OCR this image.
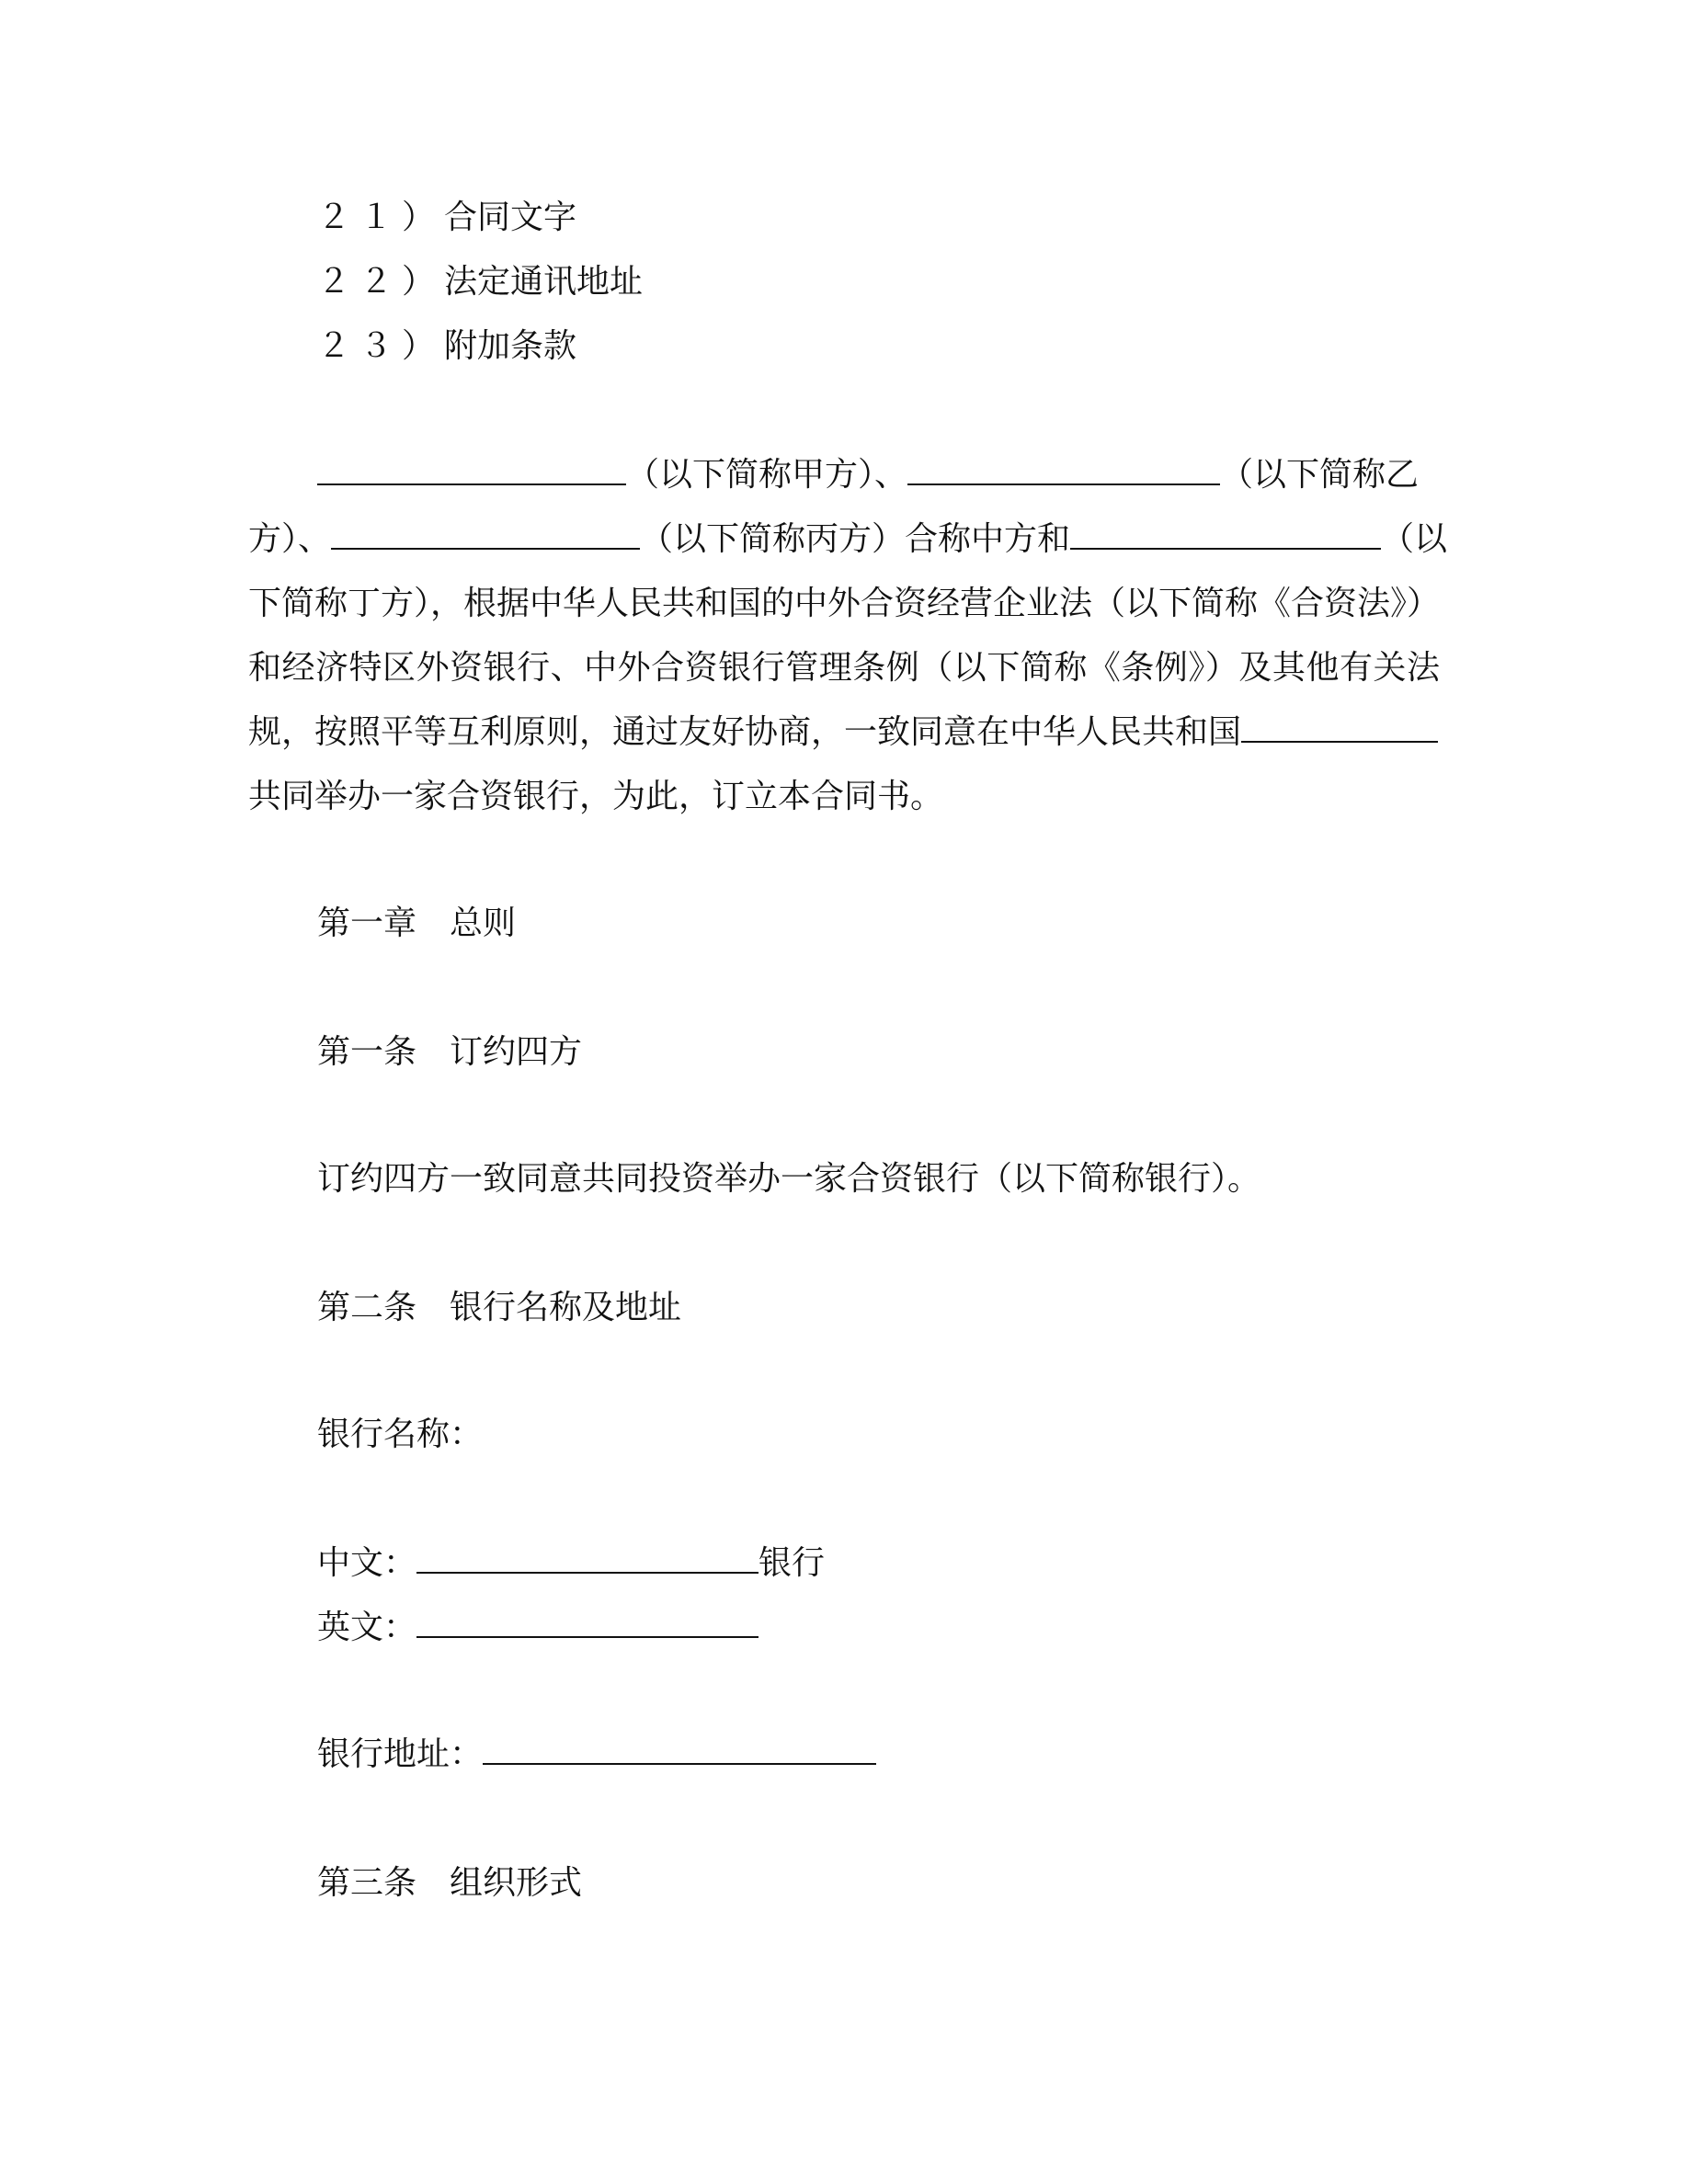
２１）合同文字
２２）法定通讯地址
２３）附加条款
（以下简称甲方）、	（以下简称乙
方）、	（以下简称丙方）合称中方和	（以
下简称丁方），根据中华人民共和国的中外合资经营企业法（以下简称《合资法》）
和经济特区外资银行、中外合资银行管理条例（以下简称《条例》）及其他有关法
规，按照平等互利原则，通过友好协商，一致同意在中华人民共和国
共同举办一家合资银行，为此，订立本合同书。
第一章 总则
第一条 订约四方
订约四方一致同意共同投资举办一家合资银行（以下简称银行）。
第二条 银行名称及地址
银行名称：
中文：	银行
英文：
银行地址：
第三条 组织形式
